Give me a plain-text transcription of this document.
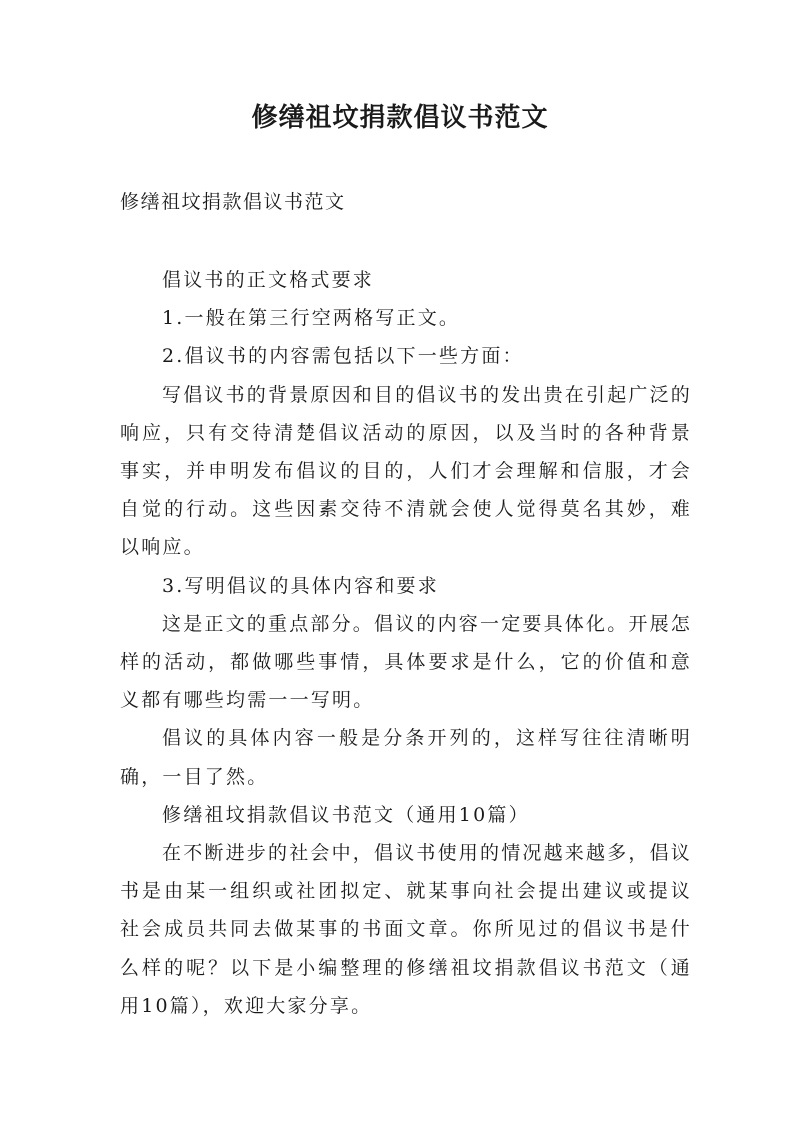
修缮祖坟捐款倡议书范文

修缮祖坟捐款倡议书范文

倡议书的正文格式要求

1.一般在第三行空两格写正文。

2.倡议书的内容需包括以下一些方面：

写倡议书的背景原因和目的倡议书的发出贵在引起广泛的响应，只有交待清楚倡议活动的原因，以及当时的各种背景事实，并申明发布倡议的目的，人们才会理解和信服，才会自觉的行动。这些因素交待不清就会使人觉得莫名其妙，难以响应。

3.写明倡议的具体内容和要求

这是正文的重点部分。倡议的内容一定要具体化。开展怎样的活动，都做哪些事情，具体要求是什么，它的价值和意义都有哪些均需一一写明。

倡议的具体内容一般是分条开列的，这样写往往清晰明确，一目了然。

修缮祖坟捐款倡议书范文（通用10篇）

在不断进步的社会中，倡议书使用的情况越来越多，倡议书是由某一组织或社团拟定、就某事向社会提出建议或提议社会成员共同去做某事的书面文章。你所见过的倡议书是什么样的呢？以下是小编整理的修缮祖坟捐款倡议书范文（通用10篇），欢迎大家分享。
